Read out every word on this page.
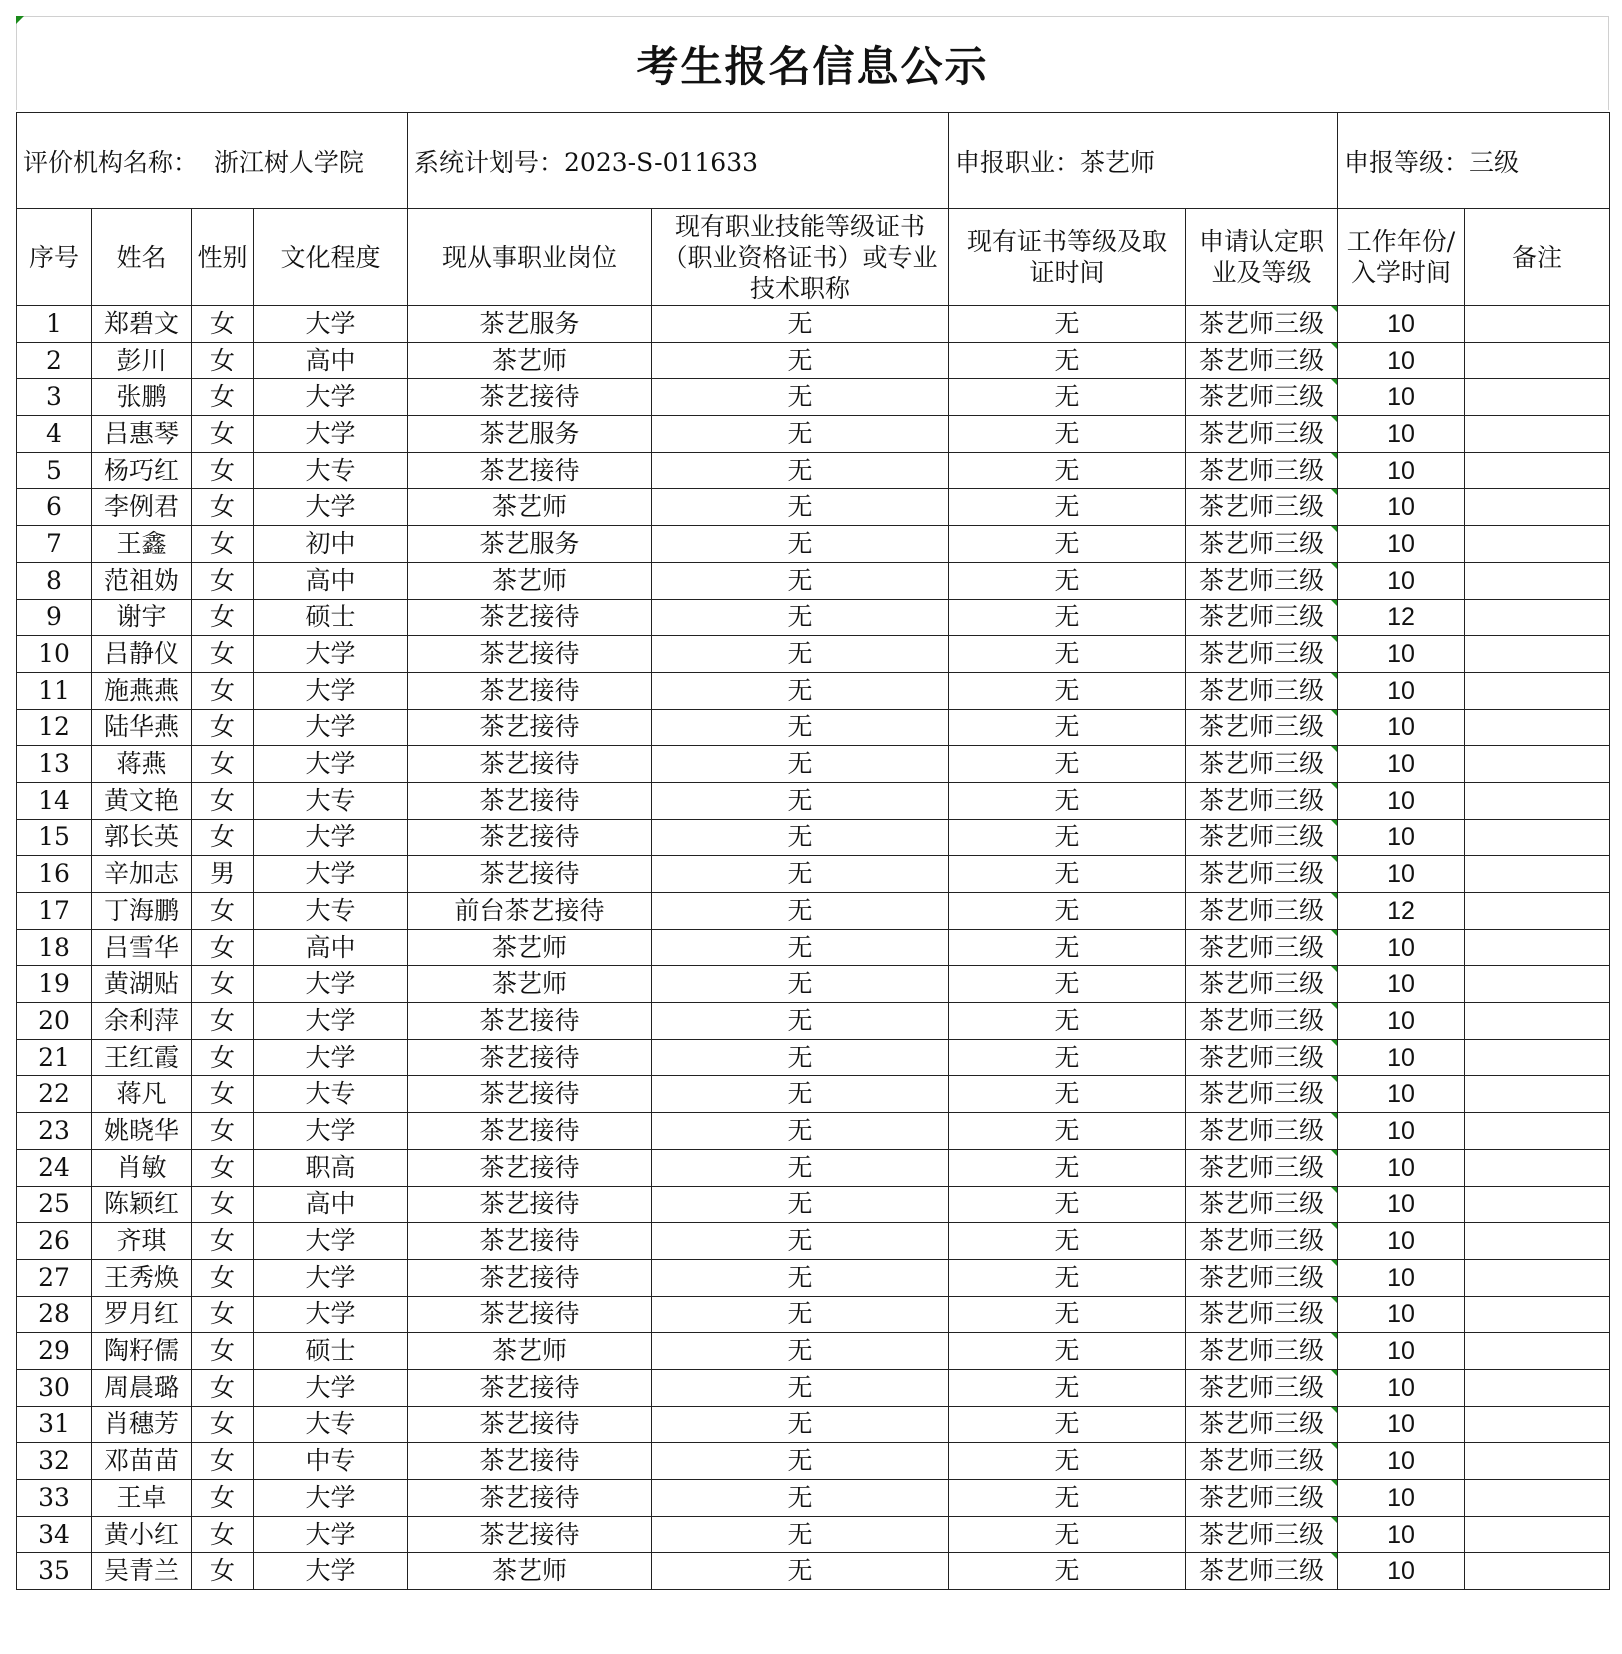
考生报名信息公示
评价机构名称： 浙江树人学院				系统计划号：2023-S-011633		申报职业：茶艺师		申报等级：三级	
序号	姓名	性别	文化程度	现从事职业岗位	现有职业技能等级证书（职业资格证书）或专业技术职称	现有证书等级及取证时间	申请认定职业及等级	工作年份/入学时间	备注
1	郑碧文	女	大学	茶艺服务	无	无	茶艺师三级	10	
2	彭川	女	高中	茶艺师	无	无	茶艺师三级	10	
3	张鹏	女	大学	茶艺接待	无	无	茶艺师三级	10	
4	吕惠琴	女	大学	茶艺服务	无	无	茶艺师三级	10	
5	杨巧红	女	大专	茶艺接待	无	无	茶艺师三级	10	
6	李例君	女	大学	茶艺师	无	无	茶艺师三级	10	
7	王鑫	女	初中	茶艺服务	无	无	茶艺师三级	10	
8	范祖妫	女	高中	茶艺师	无	无	茶艺师三级	10	
9	谢宇	女	硕士	茶艺接待	无	无	茶艺师三级	12	
10	吕静仪	女	大学	茶艺接待	无	无	茶艺师三级	10	
11	施燕燕	女	大学	茶艺接待	无	无	茶艺师三级	10	
12	陆华燕	女	大学	茶艺接待	无	无	茶艺师三级	10	
13	蒋燕	女	大学	茶艺接待	无	无	茶艺师三级	10	
14	黄文艳	女	大专	茶艺接待	无	无	茶艺师三级	10	
15	郭长英	女	大学	茶艺接待	无	无	茶艺师三级	10	
16	辛加志	男	大学	茶艺接待	无	无	茶艺师三级	10	
17	丁海鹏	女	大专	前台茶艺接待	无	无	茶艺师三级	12	
18	吕雪华	女	高中	茶艺师	无	无	茶艺师三级	10	
19	黄湖贴	女	大学	茶艺师	无	无	茶艺师三级	10	
20	余利萍	女	大学	茶艺接待	无	无	茶艺师三级	10	
21	王红霞	女	大学	茶艺接待	无	无	茶艺师三级	10	
22	蒋凡	女	大专	茶艺接待	无	无	茶艺师三级	10	
23	姚晓华	女	大学	茶艺接待	无	无	茶艺师三级	10	
24	肖敏	女	职高	茶艺接待	无	无	茶艺师三级	10	
25	陈颖红	女	高中	茶艺接待	无	无	茶艺师三级	10	
26	齐琪	女	大学	茶艺接待	无	无	茶艺师三级	10	
27	王秀焕	女	大学	茶艺接待	无	无	茶艺师三级	10	
28	罗月红	女	大学	茶艺接待	无	无	茶艺师三级	10	
29	陶籽儒	女	硕士	茶艺师	无	无	茶艺师三级	10	
30	周晨璐	女	大学	茶艺接待	无	无	茶艺师三级	10	
31	肖穗芳	女	大专	茶艺接待	无	无	茶艺师三级	10	
32	邓苗苗	女	中专	茶艺接待	无	无	茶艺师三级	10	
33	王卓	女	大学	茶艺接待	无	无	茶艺师三级	10	
34	黄小红	女	大学	茶艺接待	无	无	茶艺师三级	10	
35	吴青兰	女	大学	茶艺师	无	无	茶艺师三级	10	
